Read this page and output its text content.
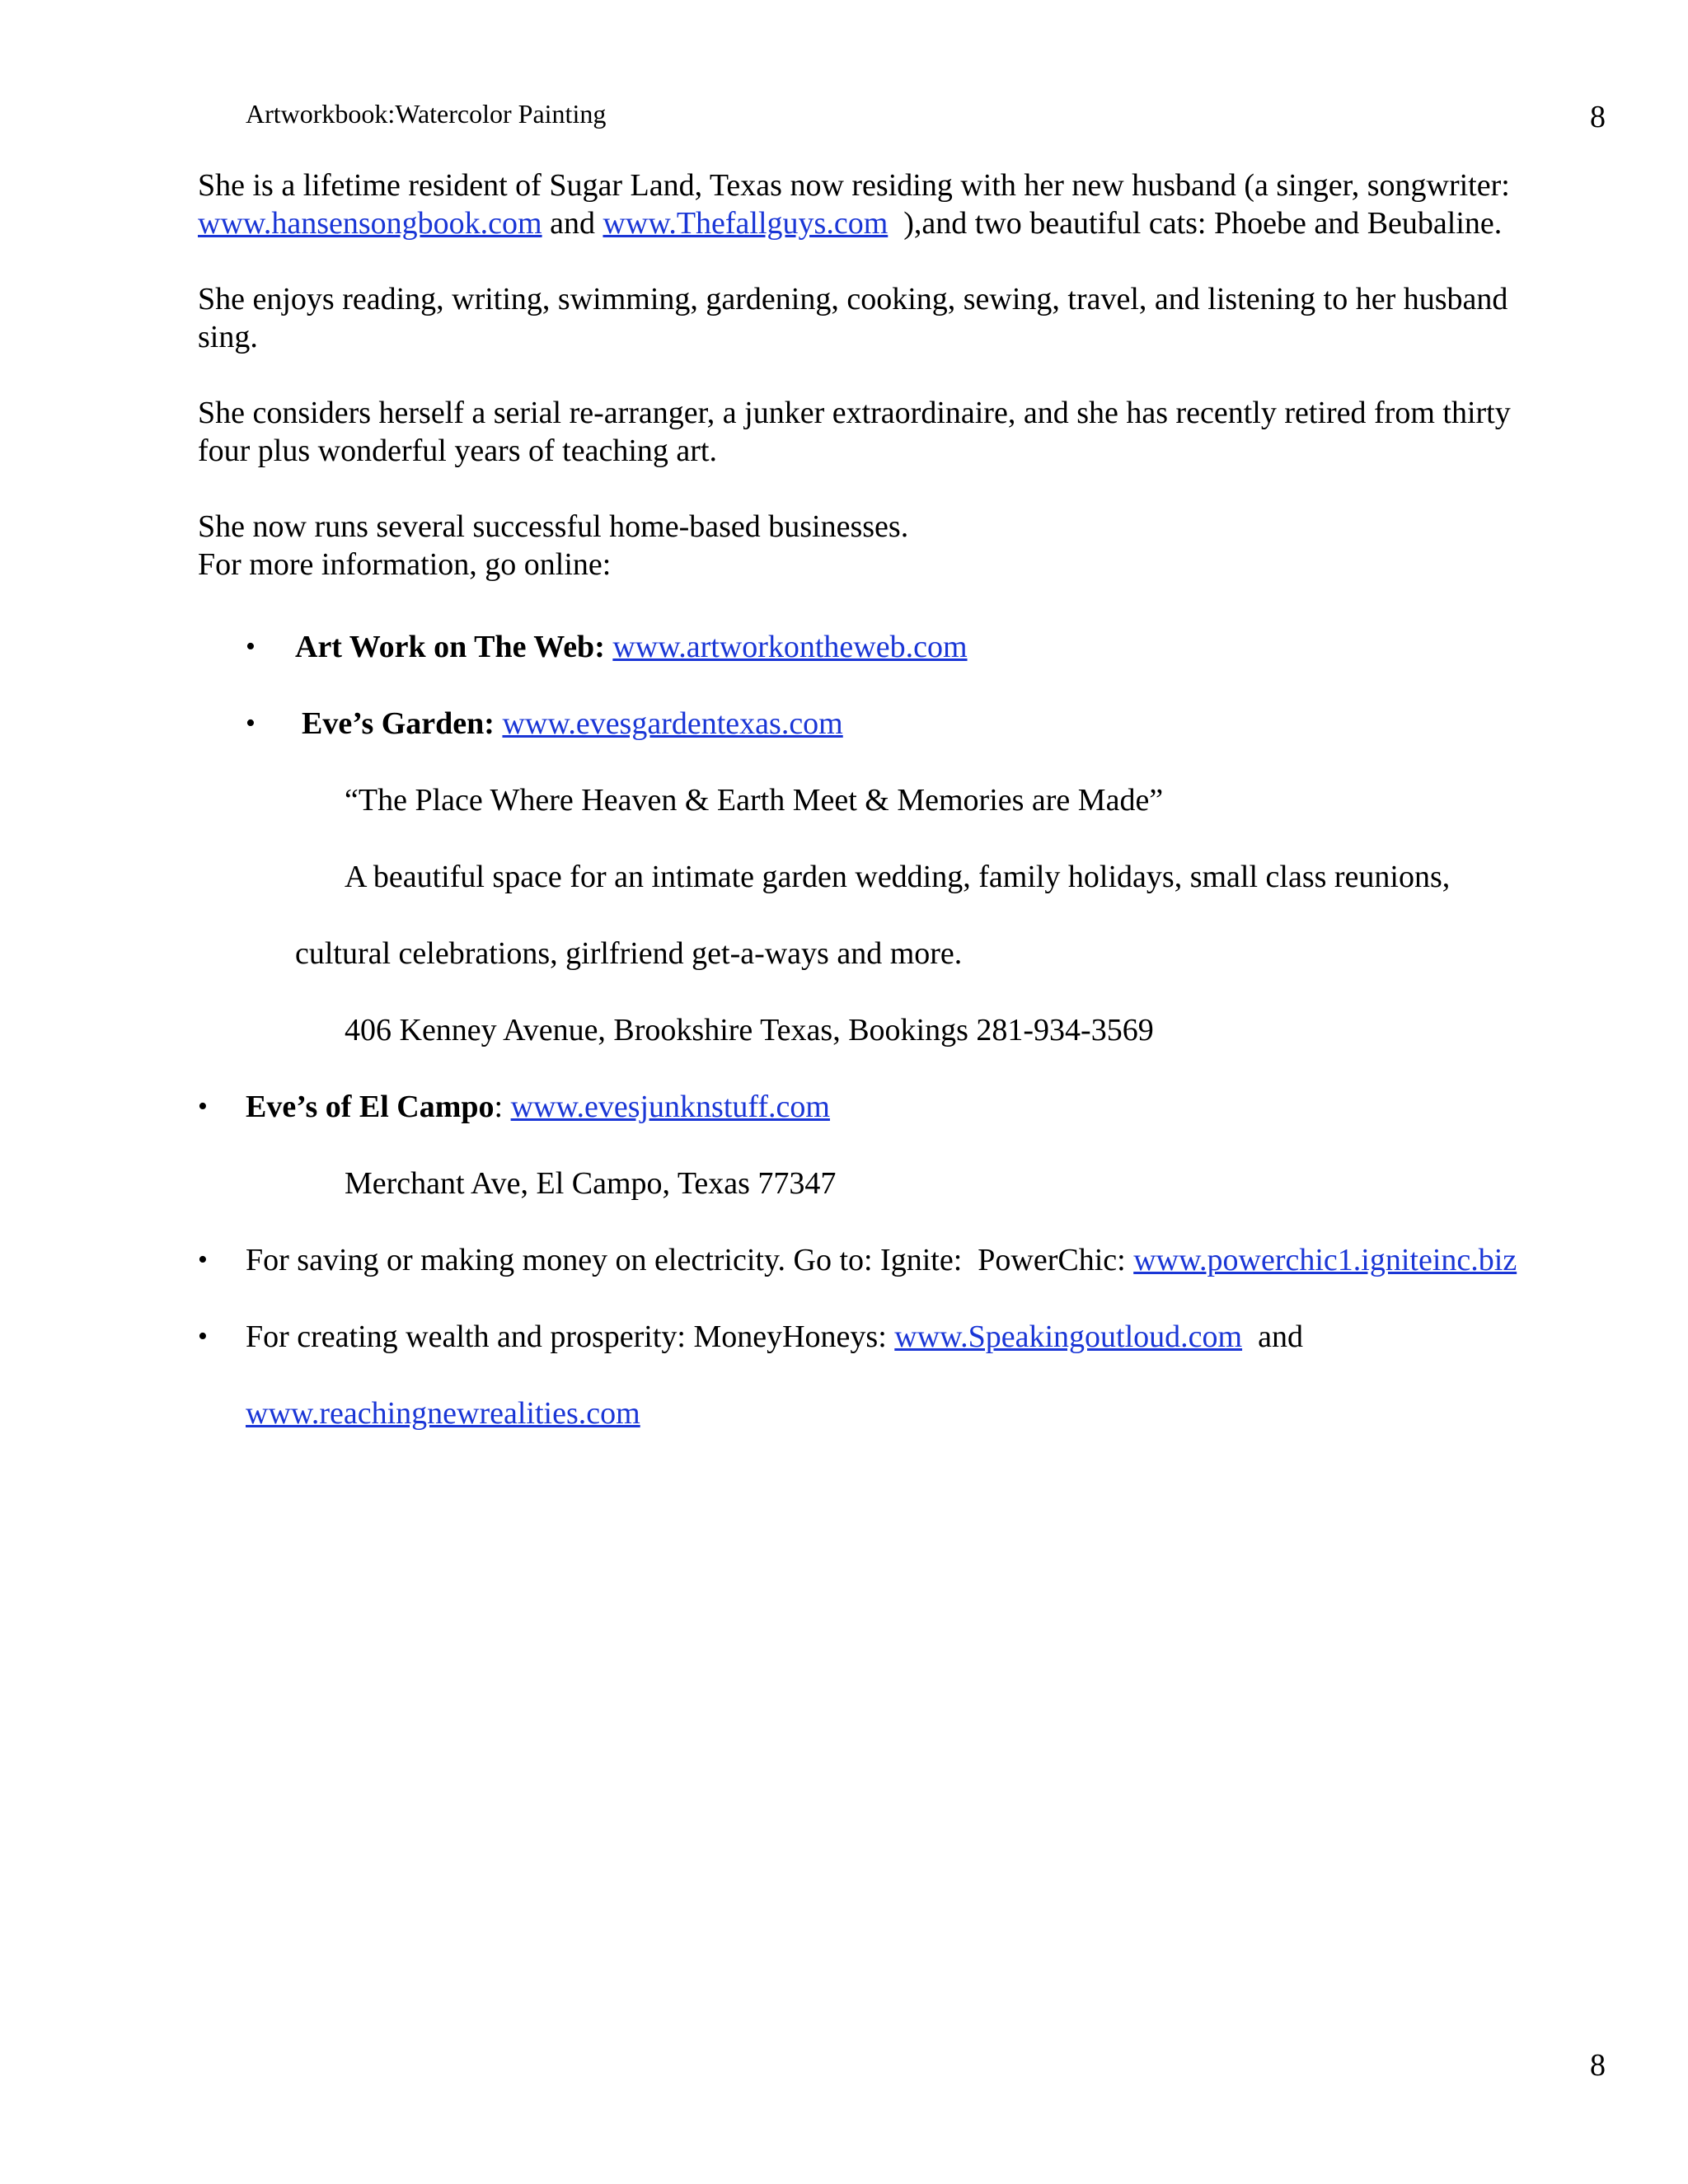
Artworkbook:Watercolor Painting	8

She is a lifetime resident of Sugar Land, Texas now residing with her new husband (a singer, songwriter:
www.hansensongbook.com and www.Thefallguys.com  ),and two beautiful cats: Phoebe and Beubaline.

She enjoys reading, writing, swimming, gardening, cooking, sewing, travel, and listening to her husband sing.

She considers herself a serial re-arranger, a junker extraordinaire, and she has recently retired from thirty four plus wonderful years of teaching art.

She now runs several successful home-based businesses.
For more information, go online:

• Art Work on The Web: www.artworkontheweb.com
• Eve’s Garden: www.evesgardentexas.com
“The Place Where Heaven & Earth Meet & Memories are Made”
A beautiful space for an intimate garden wedding, family holidays, small class reunions,
cultural celebrations, girlfriend get-a-ways and more.
406 Kenney Avenue, Brookshire Texas, Bookings 281-934-3569
• Eve’s of El Campo: www.evesjunknstuff.com
Merchant Ave, El Campo, Texas 77347
• For saving or making money on electricity. Go to: Ignite:  PowerChic: www.powerchic1.igniteinc.biz
• For creating wealth and prosperity: MoneyHoneys: www.Speakingoutloud.com  and
www.reachingnewrealities.com
8
